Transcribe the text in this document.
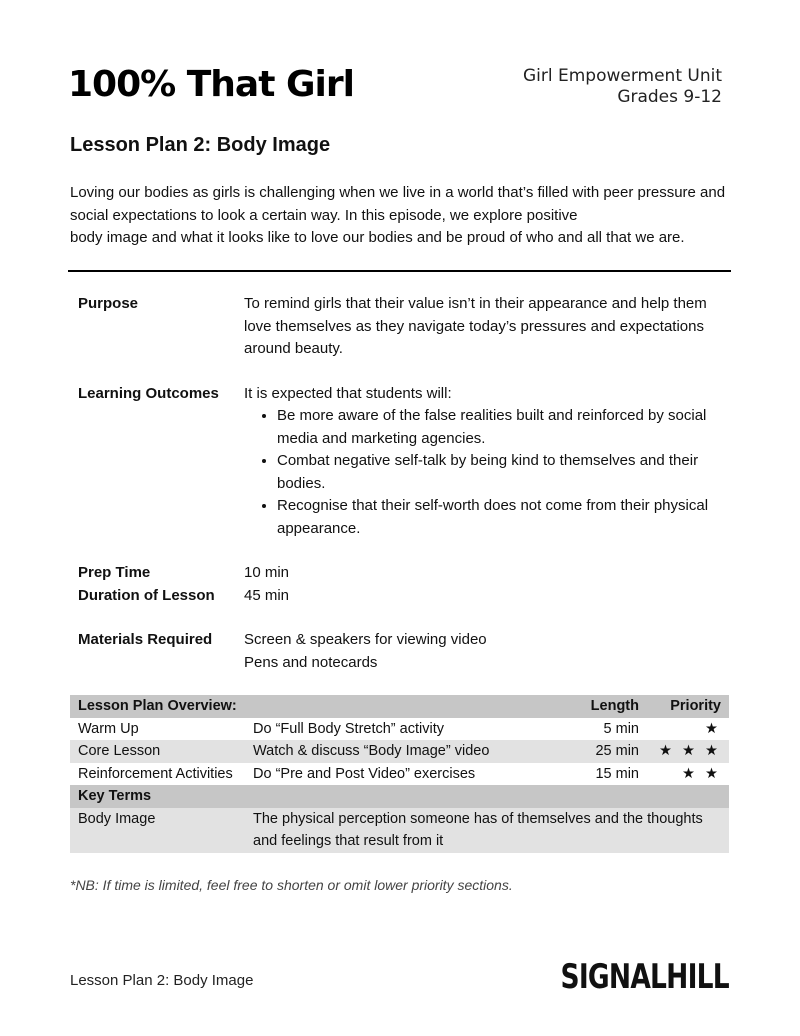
100% That Girl	Girl Empowerment Unit
Grades 9-12
Lesson Plan 2: Body Image
Loving our bodies as girls is challenging when we live in a world that’s filled with peer pressure and
social expectations to look a certain way. In this episode, we explore positive
body image and what it looks like to love our bodies and be proud of who and all that we are.
Purpose	To remind girls that their value isn’t in their appearance and help them love themselves as they navigate today’s pressures and expectations around beauty.
Learning Outcomes	It is expected that students will:
• Be more aware of the false realities built and reinforced by social media and marketing agencies.
• Combat negative self-talk by being kind to themselves and their bodies.
• Recognise that their self-worth does not come from their physical appearance.
Prep Time	10 min
Duration of Lesson	45 min
Materials Required	Screen & speakers for viewing video
Pens and notecards
Lesson Plan Overview:		Length	Priority
Warm Up	Do “Full Body Stretch” activity	5 min	★
Core Lesson	Watch & discuss “Body Image” video	25 min	★ ★ ★
Reinforcement Activities	Do “Pre and Post Video” exercises	15 min	★ ★
Key Terms			
Body Image	The physical perception someone has of themselves and the thoughts and feelings that result from it		
*NB: If time is limited, feel free to shorten or omit lower priority sections.
Lesson Plan 2: Body Image	SIGNALHILL
